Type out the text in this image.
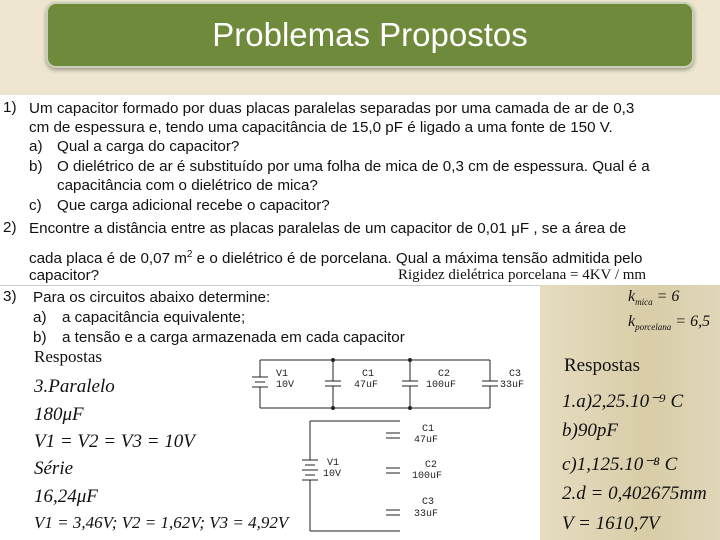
Problemas Propostos
1) Um capacitor formado por duas placas paralelas separadas por uma camada de ar de 0,3
cm de espessura e, tendo uma capacitância de 15,0 pF é ligado a uma fonte de 150 V.
a) Qual a carga do capacitor?
b) O dielétrico de ar é substituído por uma folha de mica de 0,3 cm de espessura. Qual é a
capacitância com o dielétrico de mica?
c) Que carga adicional recebe o capacitor?
2) Encontre a distância entre as placas paralelas de um capacitor de 0,01 μF , se a área de
cada placa é de 0,07 $m^2$ e o dielétrico é de porcelana. Qual a máxima tensão admitida pelo
capacitor?	Rigidez dielétrica porcelana = 4KV / mm
3) Para os circuitos abaixo determine:
a) a capacitância equivalente;
b) a tensão e a carga armazenada em cada capacitor
Respostas
3.Paralelo
180μF
V1 = V2 = V3 = 10V
Série
16,24μF
V1 = 3,46V; V2 = 1,62V; V3 = 4,92V
$k_{mica} = 6$
$k_{porcelana} = 6,5$
Respostas
1.a)2,25.10⁻⁹ C
b)90pF
c)1,125.10⁻⁸ C
2.d = 0,402675mm
V = 1610,7V
V1
10V
C1
47uF
C2
100uF
C3
33uF
V1
10V
C1
47uF
C2
100uF
C3
33uF
